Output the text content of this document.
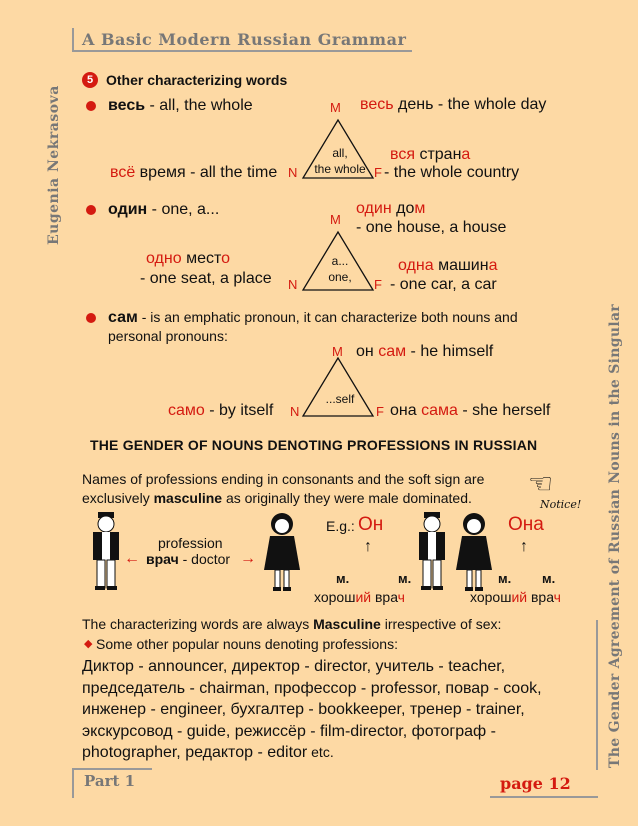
A Basic Modern Russian Grammar
Eugenia Nekrasova
The Gender Agreement of Russian Nouns in the Singular
Part 1	page 12
5 Other characterizing words
весь - all, the whole	M весь день - the whole day
all,
the whole
N	F
вся страна
- the whole country
всё время - all the time
один - one, a...	один дом
M - one house, a house
a...
one,
N	F
одно место
- one seat, a place
одна машина
- one car, a car
сам - is an emphatic pronoun, it can characterize both nouns and personal pronouns:
M он сам - he himself
...self
N	F
само - by itself	она сама - she herself
THE GENDER OF NOUNS DENOTING PROFESSIONS IN RUSSIAN
Names of professions ending in consonants and the soft sign are exclusively masculine as originally they were male dominated.	☜
Notice!
profession
← врач - doctor →
E.g.: Он
↑
Она
↑
м.	м.	м. м.
хороший врач	хороший врач
The characterizing words are always Masculine irrespective of sex:
◆ Some other popular nouns denoting professions:
Диктор - announcer, директор - director, учитель - teacher,
председатель - chairman, профессор - professor, повар - cook,
инженер - engineer, бухгалтер - bookkeeper, тренер - trainer,
экскурсовод - guide, режиссёр - film-director, фотограф -
photographer, редактор - editor etc.
